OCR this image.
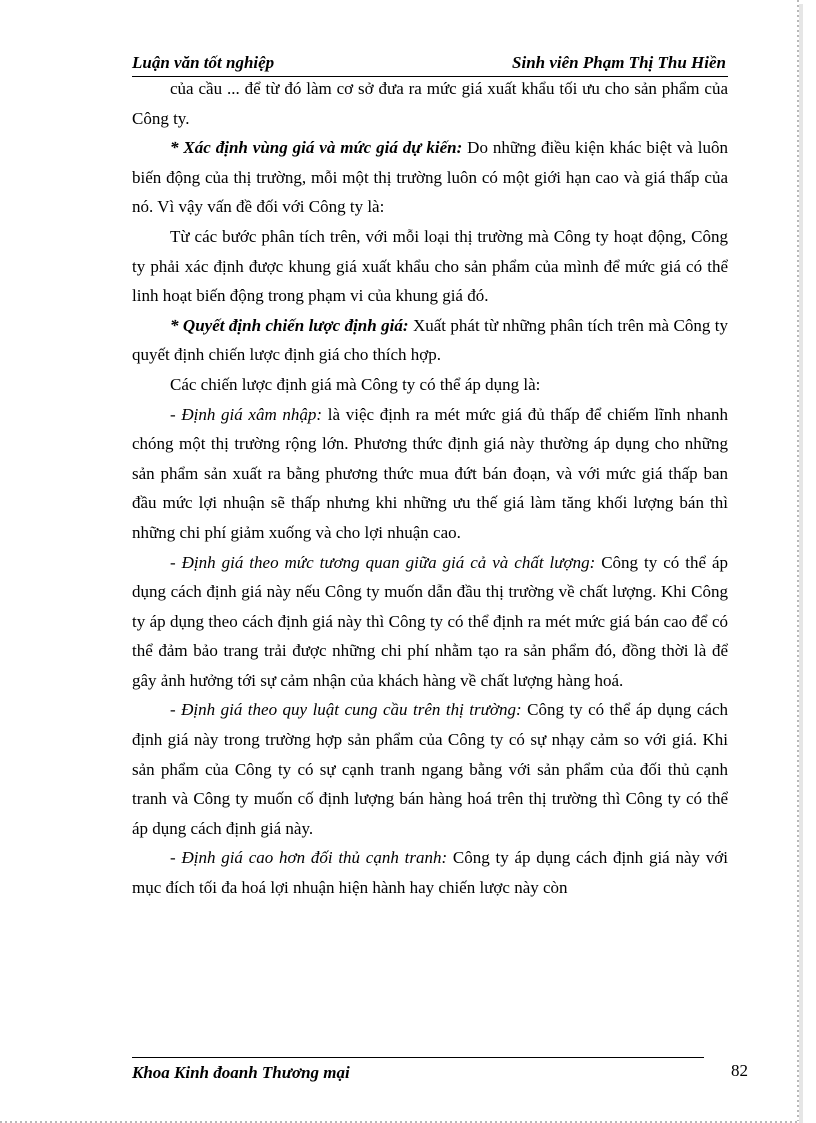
Luận văn tốt nghiệp	Sinh viên Phạm Thị Thu Hiền

của cầu ... để từ đó làm cơ sở đưa ra mức giá xuất khẩu tối ưu cho sản phẩm của Công ty.

* Xác định vùng giá và mức giá dự kiến: Do những điều kiện khác biệt và luôn biến động của thị trường, mỗi một thị trường luôn có một giới hạn cao và giá thấp của nó. Vì vậy vấn đề đối với Công ty là:

Từ các bước phân tích trên, với mỗi loại thị trường mà Công ty hoạt động, Công ty phải xác định được khung giá xuất khẩu cho sản phẩm của mình để mức giá có thể linh hoạt biến động trong phạm vi của khung giá đó.

* Quyết định chiến lược định giá: Xuất phát từ những phân tích trên mà Công ty quyết định chiến lược định giá cho thích hợp.

Các chiến lược định giá mà Công ty có thể áp dụng là:

- Định giá xâm nhập: là việc định ra mét mức giá đủ thấp để chiếm lĩnh nhanh chóng một thị trường rộng lớn. Phương thức định giá này thường áp dụng cho những sản phẩm sản xuất ra bằng phương thức mua đứt bán đoạn, và với mức giá thấp ban đầu mức lợi nhuận sẽ thấp nhưng khi những ưu thế giá làm tăng khối lượng bán thì những chi phí giảm xuống và cho lợi nhuận cao.

- Định giá theo mức tương quan giữa giá cả và chất lượng: Công ty có thể áp dụng cách định giá này nếu Công ty muốn dẫn đầu thị trường về chất lượng. Khi Công ty áp dụng theo cách định giá này thì Công ty có thể định ra mét mức giá bán cao để có thể đảm bảo trang trải được những chi phí nhằm tạo ra sản phẩm đó, đồng thời là để gây ảnh hưởng tới sự cảm nhận của khách hàng về chất lượng hàng hoá.

- Định giá theo quy luật cung cầu trên thị trường: Công ty có thể áp dụng cách định giá này trong trường hợp sản phẩm của Công ty có sự nhạy cảm so với giá. Khi sản phẩm của Công ty có sự cạnh tranh ngang bằng với sản phẩm của đối thủ cạnh tranh và Công ty muốn cố định lượng bán hàng hoá trên thị trường thì Công ty có thể áp dụng cách định giá này.

- Định giá cao hơn đối thủ cạnh tranh: Công ty áp dụng cách định giá này với mục đích tối đa hoá lợi nhuận hiện hành hay chiến lược này còn

Khoa Kinh đoanh Thương mại	82
